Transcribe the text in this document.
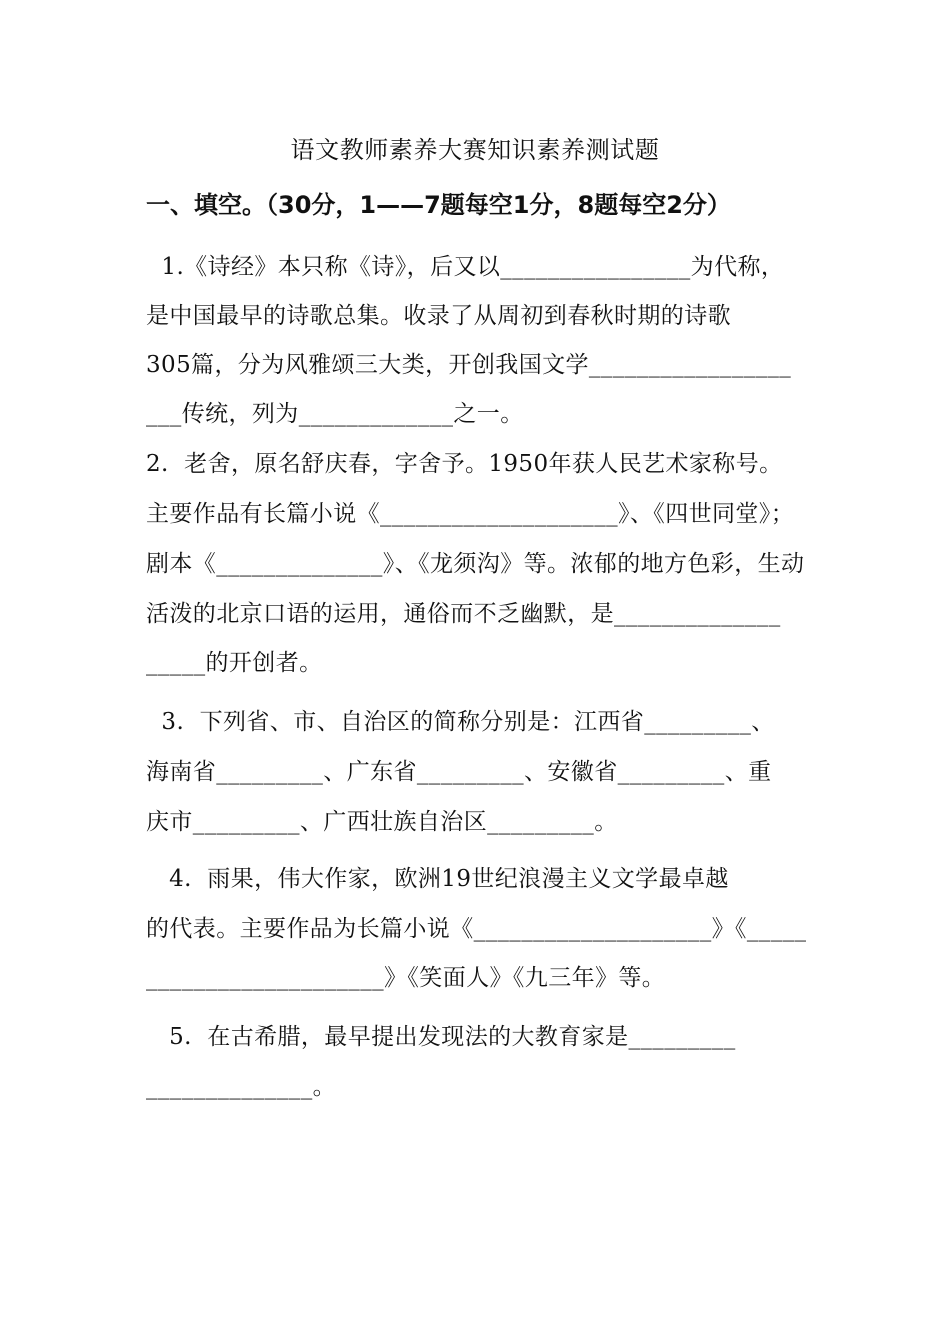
语文教师素养大赛知识素养测试题
一、填空。（30分，1——7题每空1分，8题每空2分）
1.《诗经》本只称《诗》，后又以________________为代称，
是中国最早的诗歌总集。收录了从周初到春秋时期的诗歌
305篇，分为风雅颂三大类，开创我国文学_________________
___传统，列为_____________之一。
2.  老舍，原名舒庆春，字舍予。1950年获人民艺术家称号。
主要作品有长篇小说《____________________》、《四世同堂》；
剧本《______________》、《龙须沟》等。浓郁的地方色彩，生动
活泼的北京口语的运用，通俗而不乏幽默，是______________
_____的开创者。
3.  下列省、市、自治区的简称分别是：江西省_________、
海南省_________、广东省_________、安徽省_________、重
庆市_________、广西壮族自治区_________。
4.  雨果，伟大作家，欧洲19世纪浪漫主义文学最卓越
的代表。主要作品为长篇小说《____________________》《_____
____________________》《笑面人》《九三年》等。
5.  在古希腊，最早提出发现法的大教育家是_________
______________。
